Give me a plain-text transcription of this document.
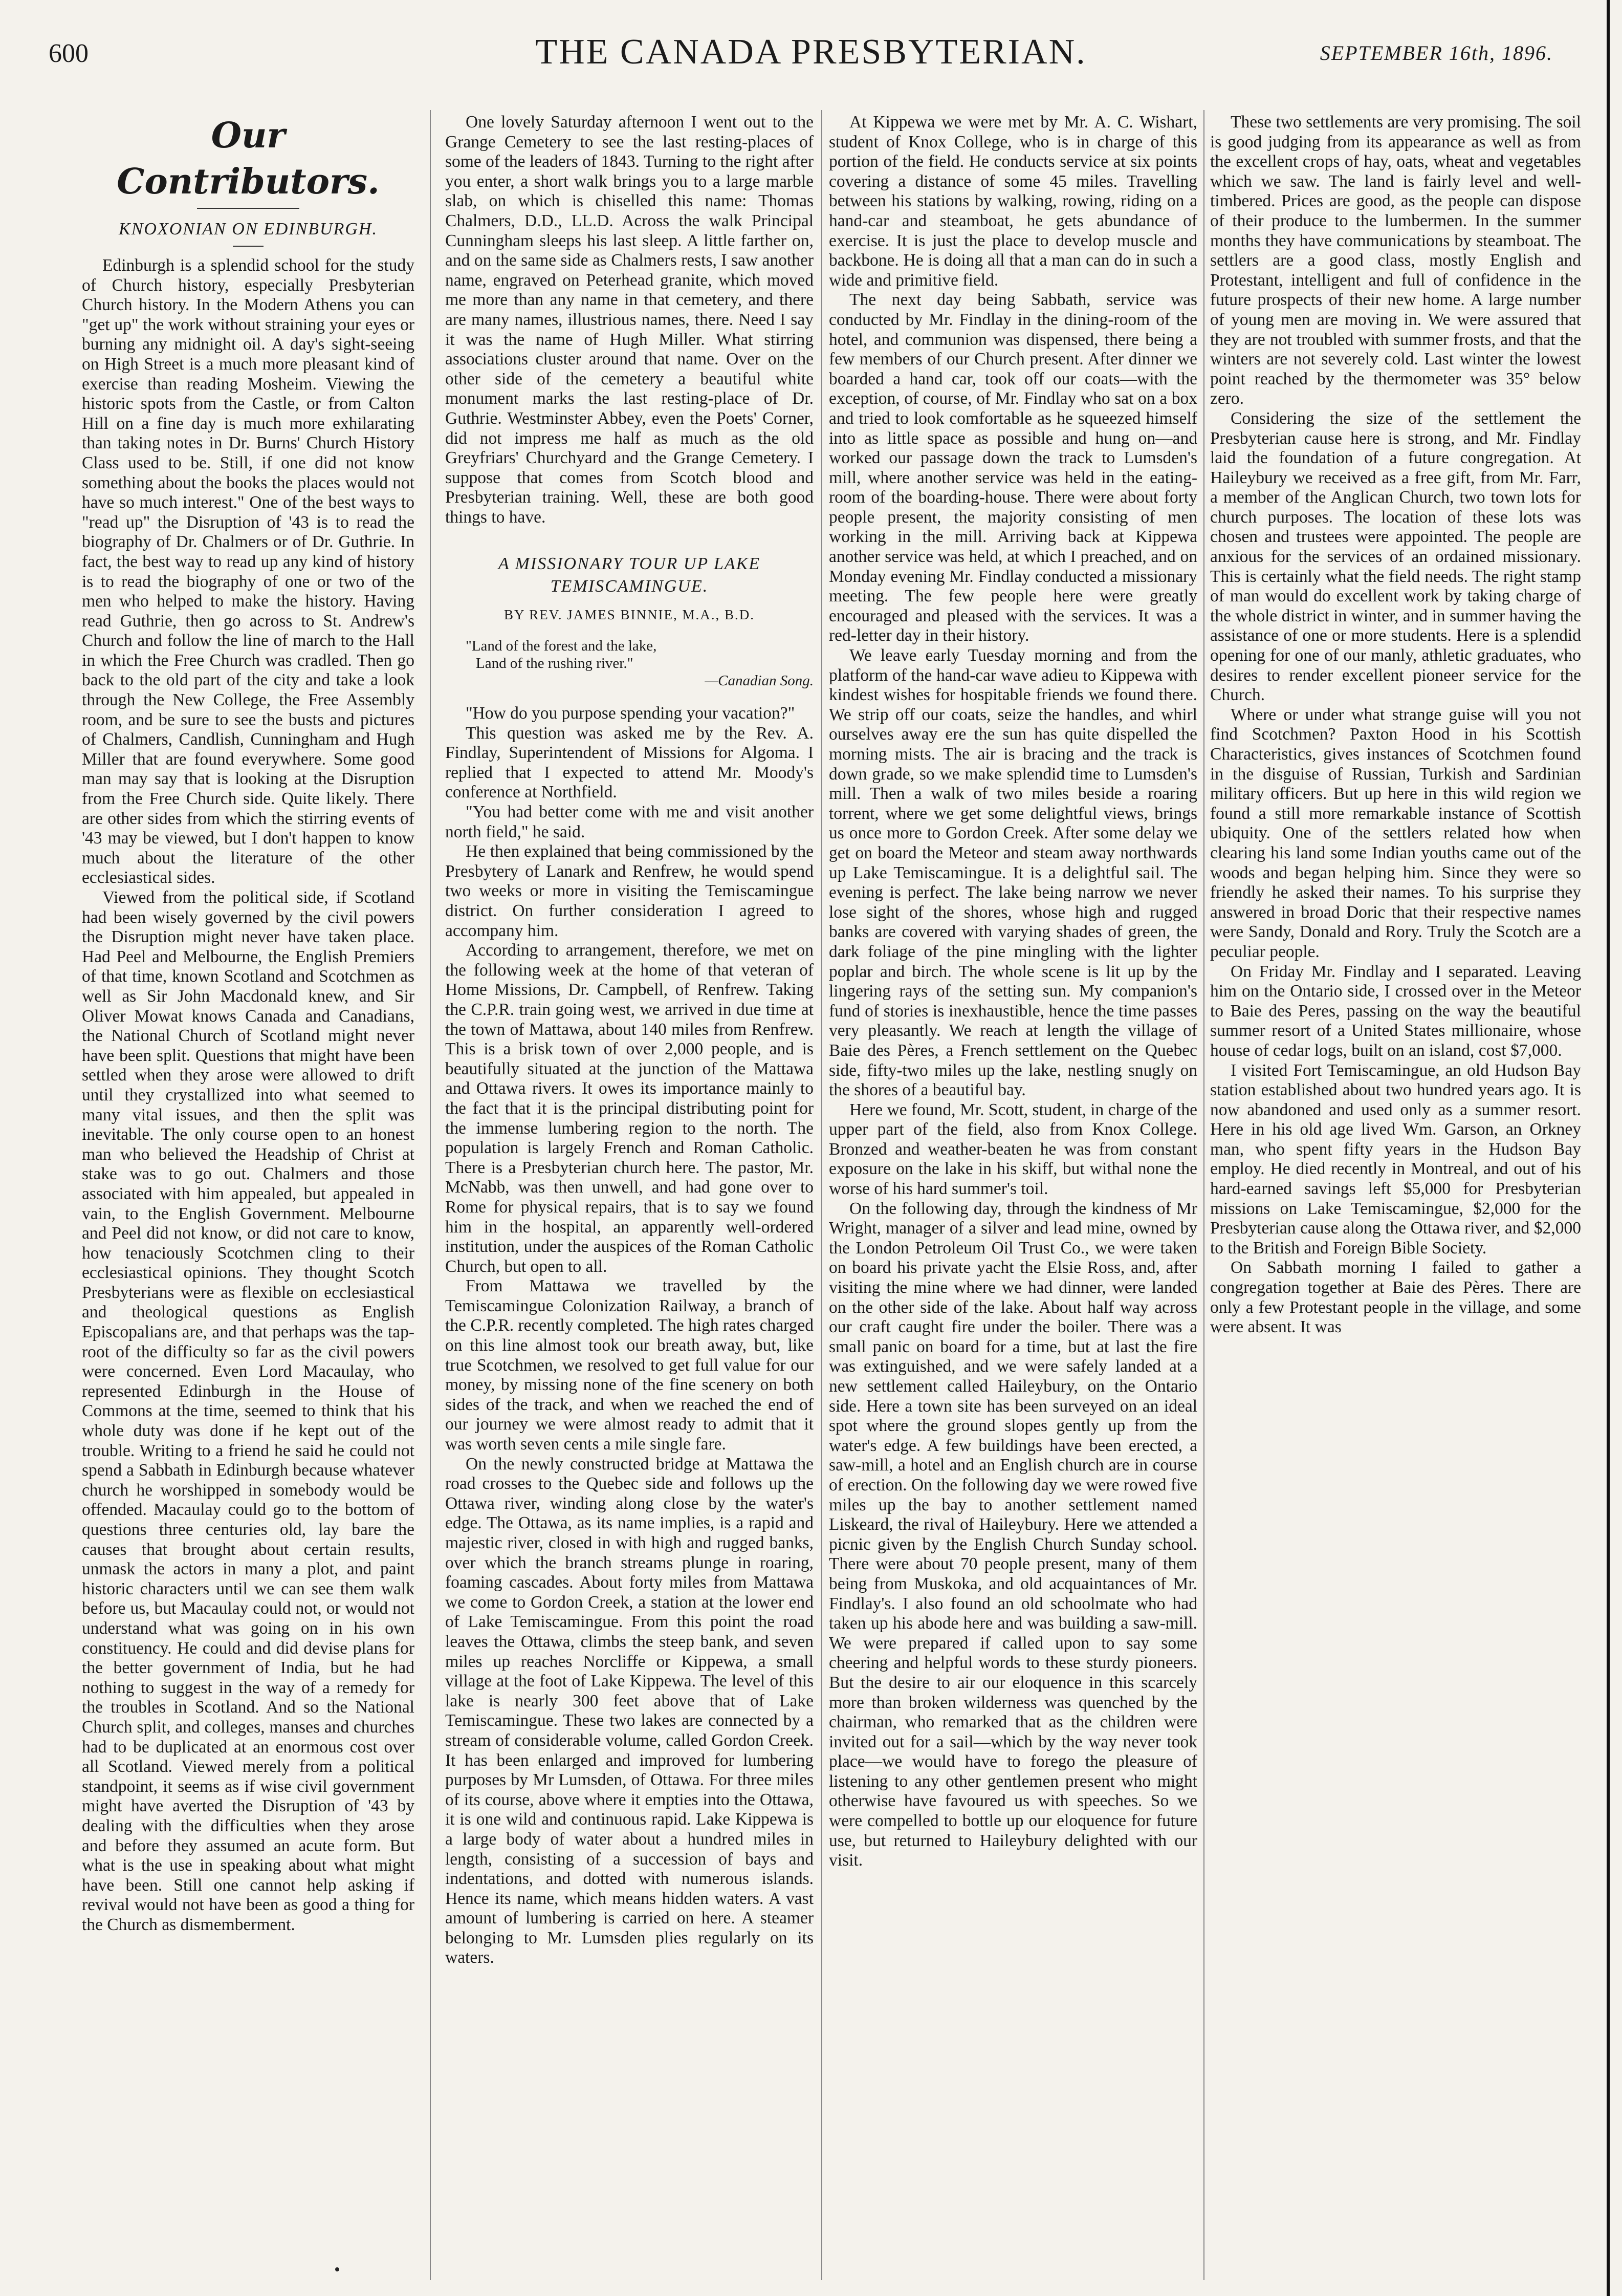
600	THE CANADA PRESBYTERIAN.	SEPTEMBER 16th, 1896.
Our Contributors.
KNOXONIAN ON EDINBURGH.

Edinburgh is a splendid school for the study of Church history, especially Presbyterian Church history. In the Modern Athens you can "get up" the work without straining your eyes or burning any midnight oil. A day's sight-seeing on High Street is a much more pleasant kind of exercise than reading Mosheim. Viewing the historic spots from the Castle, or from Calton Hill on a fine day is much more exhilarating than taking notes in Dr. Burns' Church History Class used to be. Still, if one did not know something about the books the places would not have so much interest." One of the best ways to "read up" the Disruption of '43 is to read the biography of Dr. Chalmers or of Dr. Guthrie. In fact, the best way to read up any kind of history is to read the biography of one or two of the men who helped to make the history. Having read Guthrie, then go across to St. Andrew's Church and follow the line of march to the Hall in which the Free Church was cradled. Then go back to the old part of the city and take a look through the New College, the Free Assembly room, and be sure to see the busts and pictures of Chalmers, Candlish, Cunningham and Hugh Miller that are found everywhere. Some good man may say that is looking at the Disruption from the Free Church side. Quite likely. There are other sides from which the stirring events of '43 may be viewed, but I don't happen to know much about the literature of the other ecclesiastical sides.

Viewed from the political side, if Scotland had been wisely governed by the civil powers the Disruption might never have taken place. Had Peel and Melbourne, the English Premiers of that time, known Scotland and Scotchmen as well as Sir John Macdonald knew, and Sir Oliver Mowat knows Canada and Canadians, the National Church of Scotland might never have been split. Questions that might have been settled when they arose were allowed to drift until they crystallized into what seemed to many vital issues, and then the split was inevitable. The only course open to an honest man who believed the Headship of Christ at stake was to go out. Chalmers and those associated with him appealed, but appealed in vain, to the English Government. Melbourne and Peel did not know, or did not care to know, how tenaciously Scotchmen cling to their ecclesiastical opinions. They thought Scotch Presbyterians were as flexible on ecclesiastical and theological questions as English Episcopalians are, and that perhaps was the tap-root of the difficulty so far as the civil powers were concerned. Even Lord Macaulay, who represented Edinburgh in the House of Commons at the time, seemed to think that his whole duty was done if he kept out of the trouble. Writing to a friend he said he could not spend a Sabbath in Edinburgh because whatever church he worshipped in somebody would be offended. Macaulay could go to the bottom of questions three centuries old, lay bare the causes that brought about certain results, unmask the actors in many a plot, and paint historic characters until we can see them walk before us, but Macaulay could not, or would not understand what was going on in his own constituency. He could and did devise plans for the better government of India, but he had nothing to suggest in the way of a remedy for the troubles in Scotland. And so the National Church split, and colleges, manses and churches had to be duplicated at an enormous cost over all Scotland. Viewed merely from a political standpoint, it seems as if wise civil government might have averted the Disruption of '43 by dealing with the difficulties when they arose and before they assumed an acute form. But what is the use in speaking about what might have been. Still one cannot help asking if revival would not have been as good a thing for the Church as dismemberment.

One lovely Saturday afternoon I went out to the Grange Cemetery to see the last resting-places of some of the leaders of 1843. Turning to the right after you enter, a short walk brings you to a large marble slab, on which is chiselled this name: Thomas Chalmers, D.D., LL.D. Across the walk Principal Cunningham sleeps his last sleep. A little farther on, and on the same side as Chalmers rests, I saw another name, engraved on Peterhead granite, which moved me more than any name in that cemetery, and there are many names, illustrious names, there. Need I say it was the name of Hugh Miller. What stirring associations cluster around that name. Over on the other side of the cemetery a beautiful white monument marks the last resting-place of Dr. Guthrie. Westminster Abbey, even the Poets' Corner, did not impress me half as much as the old Greyfriars' Churchyard and the Grange Cemetery. I suppose that comes from Scotch blood and Presbyterian training. Well, these are both good things to have.

A MISSIONARY TOUR UP LAKE TEMISCAMINGUE.
BY REV. JAMES BINNIE, M.A., B.D.
"Land of the forest and the lake,
Land of the rushing river."
—Canadian Song.

"How do you purpose spending your vacation?"

This question was asked me by the Rev. A. Findlay, Superintendent of Missions for Algoma. I replied that I expected to attend Mr. Moody's conference at Northfield.

"You had better come with me and visit another north field," he said.

He then explained that being commissioned by the Presbytery of Lanark and Renfrew, he would spend two weeks or more in visiting the Temiscamingue district. On further consideration I agreed to accompany him.

According to arrangement, therefore, we met on the following week at the home of that veteran of Home Missions, Dr. Campbell, of Renfrew. Taking the C.P.R. train going west, we arrived in due time at the town of Mattawa, about 140 miles from Renfrew. This is a brisk town of over 2,000 people, and is beautifully situated at the junction of the Mattawa and Ottawa rivers. It owes its importance mainly to the fact that it is the principal distributing point for the immense lumbering region to the north. The population is largely French and Roman Catholic. There is a Presbyterian church here. The pastor, Mr. McNabb, was then unwell, and had gone over to Rome for physical repairs, that is to say we found him in the hospital, an apparently well-ordered institution, under the auspices of the Roman Catholic Church, but open to all.

From Mattawa we travelled by the Temiscamingue Colonization Railway, a branch of the C.P.R. recently completed. The high rates charged on this line almost took our breath away, but, like true Scotchmen, we resolved to get full value for our money, by missing none of the fine scenery on both sides of the track, and when we reached the end of our journey we were almost ready to admit that it was worth seven cents a mile single fare.

On the newly constructed bridge at Mattawa the road crosses to the Quebec side and follows up the Ottawa river, winding along close by the water's edge. The Ottawa, as its name implies, is a rapid and majestic river, closed in with high and rugged banks, over which the branch streams plunge in roaring, foaming cascades. About forty miles from Mattawa we come to Gordon Creek, a station at the lower end of Lake Temiscamingue. From this point the road leaves the Ottawa, climbs the steep bank, and seven miles up reaches Norcliffe or Kippewa, a small village at the foot of Lake Kippewa. The level of this lake is nearly 300 feet above that of Lake Temiscamingue. These two lakes are connected by a stream of considerable volume, called Gordon Creek. It has been enlarged and improved for lumbering purposes by Mr Lumsden, of Ottawa. For three miles of its course, above where it empties into the Ottawa, it is one wild and continuous rapid. Lake Kippewa is a large body of water about a hundred miles in length, consisting of a succession of bays and indentations, and dotted with numerous islands. Hence its name, which means hidden waters. A vast amount of lumbering is carried on here. A steamer belonging to Mr. Lumsden plies regularly on its waters.

At Kippewa we were met by Mr. A. C. Wishart, student of Knox College, who is in charge of this portion of the field. He conducts service at six points covering a distance of some 45 miles. Travelling between his stations by walking, rowing, riding on a hand-car and steamboat, he gets abundance of exercise. It is just the place to develop muscle and backbone. He is doing all that a man can do in such a wide and primitive field.

The next day being Sabbath, service was conducted by Mr. Findlay in the dining-room of the hotel, and communion was dispensed, there being a few members of our Church present. After dinner we boarded a hand car, took off our coats—with the exception, of course, of Mr. Findlay who sat on a box and tried to look comfortable as he squeezed himself into as little space as possible and hung on—and worked our passage down the track to Lumsden's mill, where another service was held in the eating-room of the boarding-house. There were about forty people present, the majority consisting of men working in the mill. Arriving back at Kippewa another service was held, at which I preached, and on Monday evening Mr. Findlay conducted a missionary meeting. The few people here were greatly encouraged and pleased with the services. It was a red-letter day in their history.

We leave early Tuesday morning and from the platform of the hand-car wave adieu to Kippewa with kindest wishes for hospitable friends we found there. We strip off our coats, seize the handles, and whirl ourselves away ere the sun has quite dispelled the morning mists. The air is bracing and the track is down grade, so we make splendid time to Lumsden's mill. Then a walk of two miles beside a roaring torrent, where we get some delightful views, brings us once more to Gordon Creek. After some delay we get on board the Meteor and steam away northwards up Lake Temiscamingue. It is a delightful sail. The evening is perfect. The lake being narrow we never lose sight of the shores, whose high and rugged banks are covered with varying shades of green, the dark foliage of the pine mingling with the lighter poplar and birch. The whole scene is lit up by the lingering rays of the setting sun. My companion's fund of stories is inexhaustible, hence the time passes very pleasantly. We reach at length the village of Baie des Pères, a French settlement on the Quebec side, fifty-two miles up the lake, nestling snugly on the shores of a beautiful bay.

Here we found, Mr. Scott, student, in charge of the upper part of the field, also from Knox College. Bronzed and weather-beaten he was from constant exposure on the lake in his skiff, but withal none the worse of his hard summer's toil.

On the following day, through the kindness of Mr Wright, manager of a silver and lead mine, owned by the London Petroleum Oil Trust Co., we were taken on board his private yacht the Elsie Ross, and, after visiting the mine where we had dinner, were landed on the other side of the lake. About half way across our craft caught fire under the boiler. There was a small panic on board for a time, but at last the fire was extinguished, and we were safely landed at a new settlement called Haileybury, on the Ontario side. Here a town site has been surveyed on an ideal spot where the ground slopes gently up from the water's edge. A few buildings have been erected, a saw-mill, a hotel and an English church are in course of erection. On the following day we were rowed five miles up the bay to another settlement named Liskeard, the rival of Haileybury. Here we attended a picnic given by the English Church Sunday school. There were about 70 people present, many of them being from Muskoka, and old acquaintances of Mr. Findlay's. I also found an old schoolmate who had taken up his abode here and was building a saw-mill. We were prepared if called upon to say some cheering and helpful words to these sturdy pioneers. But the desire to air our eloquence in this scarcely more than broken wilderness was quenched by the chairman, who remarked that as the children were invited out for a sail—which by the way never took place—we would have to forego the pleasure of listening to any other gentlemen present who might otherwise have favoured us with speeches. So we were compelled to bottle up our eloquence for future use, but returned to Haileybury delighted with our visit.

These two settlements are very promising. The soil is good judging from its appearance as well as from the excellent crops of hay, oats, wheat and vegetables which we saw. The land is fairly level and well-timbered. Prices are good, as the people can dispose of their produce to the lumbermen. In the summer months they have communications by steamboat. The settlers are a good class, mostly English and Protestant, intelligent and full of confidence in the future prospects of their new home. A large number of young men are moving in. We were assured that they are not troubled with summer frosts, and that the winters are not severely cold. Last winter the lowest point reached by the thermometer was 35° below zero.

Considering the size of the settlement the Presbyterian cause here is strong, and Mr. Findlay laid the foundation of a future congregation. At Haileybury we received as a free gift, from Mr. Farr, a member of the Anglican Church, two town lots for church purposes. The location of these lots was chosen and trustees were appointed. The people are anxious for the services of an ordained missionary. This is certainly what the field needs. The right stamp of man would do excellent work by taking charge of the whole district in winter, and in summer having the assistance of one or more students. Here is a splendid opening for one of our manly, athletic graduates, who desires to render excellent pioneer service for the Church.

Where or under what strange guise will you not find Scotchmen? Paxton Hood in his Scottish Characteristics, gives instances of Scotchmen found in the disguise of Russian, Turkish and Sardinian military officers. But up here in this wild region we found a still more remarkable instance of Scottish ubiquity. One of the settlers related how when clearing his land some Indian youths came out of the woods and began helping him. Since they were so friendly he asked their names. To his surprise they answered in broad Doric that their respective names were Sandy, Donald and Rory. Truly the Scotch are a peculiar people.

On Friday Mr. Findlay and I separated. Leaving him on the Ontario side, I crossed over in the Meteor to Baie des Peres, passing on the way the beautiful summer resort of a United States millionaire, whose house of cedar logs, built on an island, cost $7,000.

I visited Fort Temiscamingue, an old Hudson Bay station established about two hundred years ago. It is now abandoned and used only as a summer resort. Here in his old age lived Wm. Garson, an Orkney man, who spent fifty years in the Hudson Bay employ. He died recently in Montreal, and out of his hard-earned savings left $5,000 for Presbyterian missions on Lake Temiscamingue, $2,000 for the Presbyterian cause along the Ottawa river, and $2,000 to the British and Foreign Bible Society.

On Sabbath morning I failed to gather a congregation together at Baie des Pères. There are only a few Protestant people in the village, and some were absent. It was
